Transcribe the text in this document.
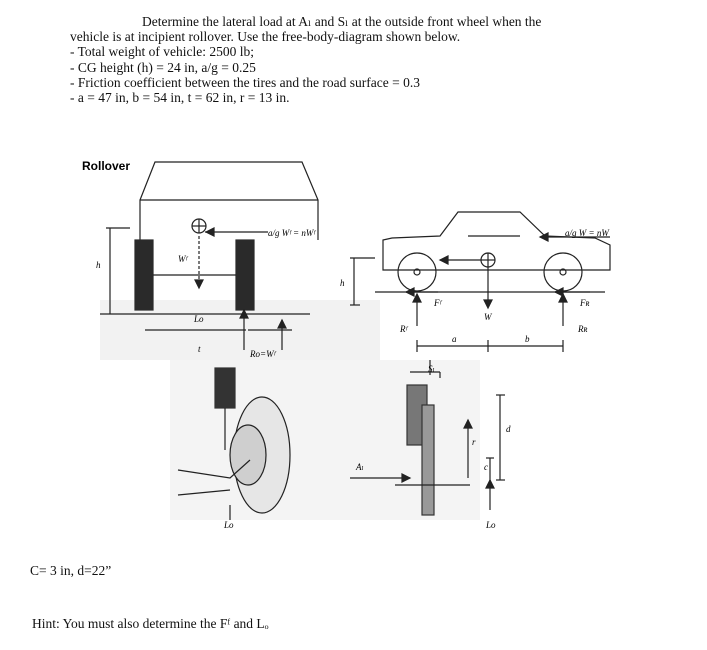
Determine the lateral load at Aₗ and Sₗ at the outside front wheel when the
vehicle is at incipient rollover. Use the free-body-diagram shown below.
- Total weight of vehicle: 2500 lb;
- CG height (h) = 24 in, a/g = 0.25
- Friction coefficient between the tires and the road surface = 0.3
- a = 47 in, b = 54 in, t = 62 in, r = 13 in.
Rollover
h
Wᶠ
a/g Wᶠ = nWᶠ
Lo
Ro=Wᶠ
t
a/g W = nW
h
Fᶠ	Fʀ
W
Rᶠ	Rʀ
a	b
Sₗ
Aₗ
r
d
c
Lo	Lo
C= 3 in, d=22”
Hint: You must also determine the Fᶠ and Lₒ
